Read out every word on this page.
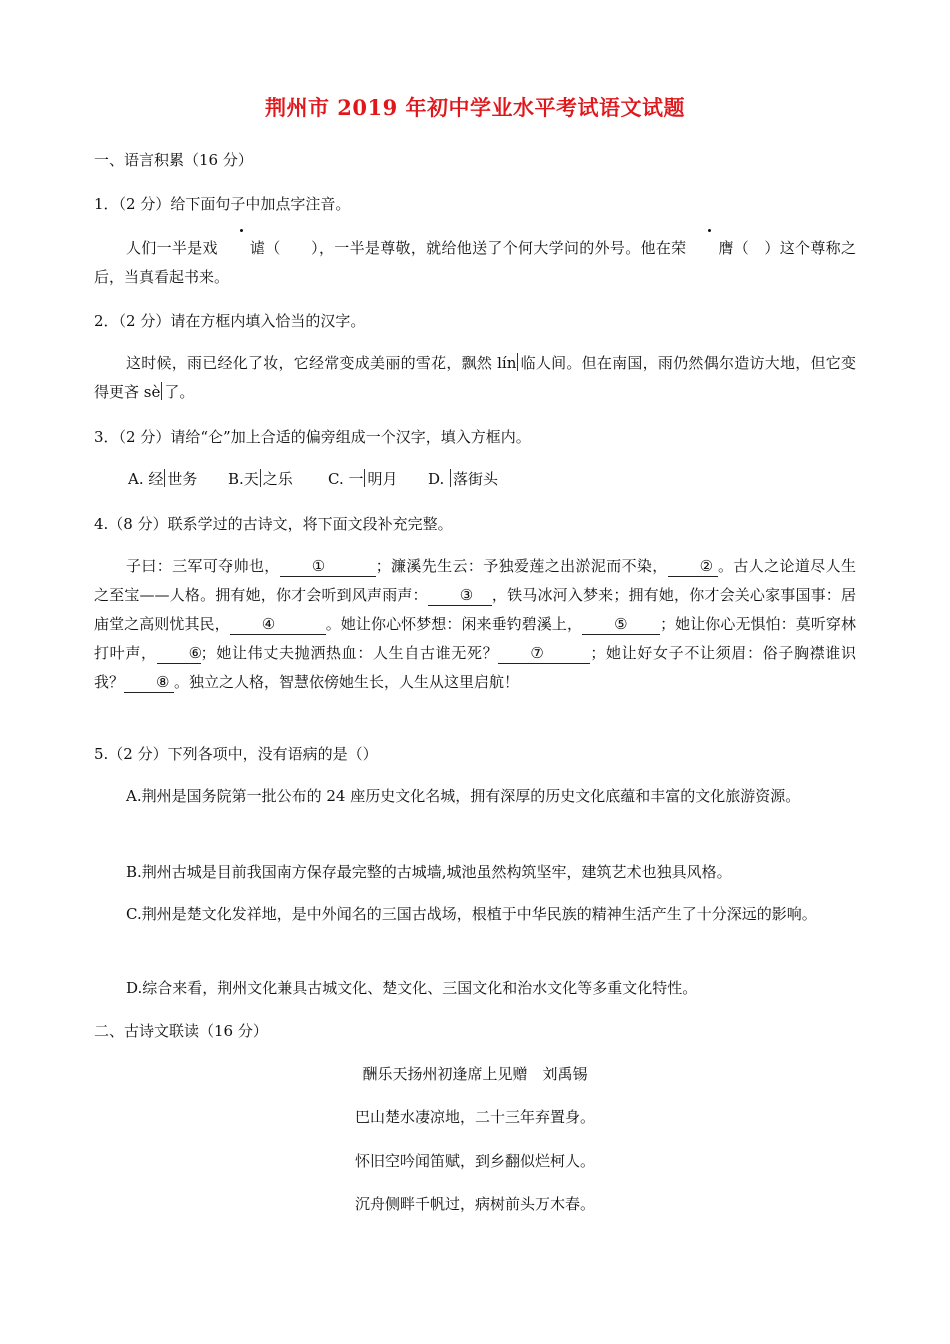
荆州市 2019 年初中学业水平考试语文试题
一、语言积累（16 分）
1．（2 分）给下面句子中加点字注音。
人们一半是戏 谑（　　），一半是尊敬，就给他送了个何大学问的外号。他在荣 膺（　）这个尊称之后，当真看起书来。
2．（2 分）请在方框内填入恰当的汉字。
这时候，雨已经化了妆，它经常变成美丽的雪花，飘然 lín 临人间。但在南国，雨仍然偶尔造访大地，但它变得更吝 sè 了。
3．（2 分）请给“仑”加上合适的偏旁组成一个汉字，填入方框内。
A. 经 世务 B.天 之乐 C. 一 明月 D. 落街头
4.（8 分）联系学过的古诗文，将下面文段补充完整。
子曰：三军可夺帅也， ①	；濂溪先生云：予独爱莲之出淤泥而不染， ② 。古人之论道尽人生之至宝——人格。拥有她，你才会听到风声雨声： ③ ，铁马冰河入梦来；拥有她，你才会关心家事国事：居庙堂之高则忧其民， ④	。她让你心怀梦想：闲来垂钓碧溪上， ⑤ ；她让你心无惧怕：莫听穿林打叶声， ⑥；她让伟丈夫抛洒热血：人生自古谁无死？ ⑦	；她让好女子不让须眉：俗子胸襟谁识我？ ⑧ 。独立之人格，智慧依傍她生长，人生从这里启航！
5.（2 分）下列各项中，没有语病的是（）
A.荆州是国务院第一批公布的 24 座历史文化名城，拥有深厚的历史文化底蕴和丰富的文化旅游资源。
B.荆州古城是目前我国南方保存最完整的古城墙,城池虽然构筑坚牢，建筑艺术也独具风格。
C.荆州是楚文化发祥地，是中外闻名的三国古战场，根植于中华民族的精神生活产生了十分深远的影响。
D.综合来看，荆州文化兼具古城文化、楚文化、三国文化和治水文化等多重文化特性。
二、古诗文联读（16 分）
酬乐天扬州初逢席上见赠　刘禹锡
巴山楚水凄凉地，二十三年弃置身。
怀旧空吟闻笛赋，到乡翻似烂柯人。
沉舟侧畔千帆过，病树前头万木春。
